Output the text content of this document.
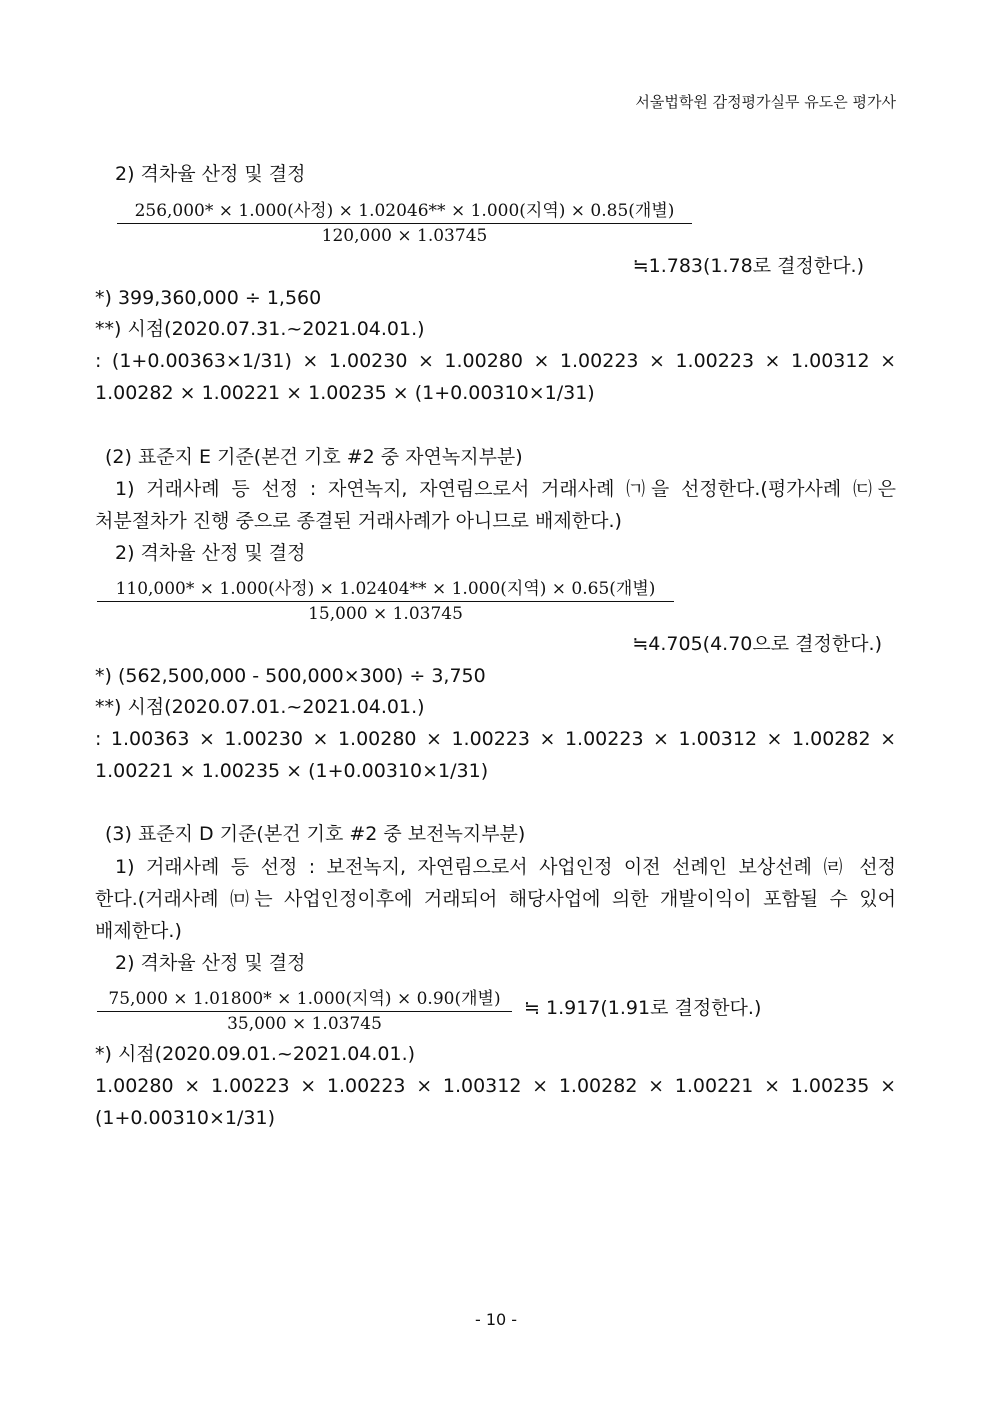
서울법학원 감정평가실무 유도은 평가사
2) 격차율 산정 및 결정
256,000* × 1.000(사정) × 1.02046** × 1.000(지역) × 0.85(개별)
120,000 × 1.03745
≒1.783(1.78로 결정한다.)
*) 399,360,000 ÷ 1,560
**) 시점(2020.07.31.~2021.04.01.)
: (1+0.00363×1/31) × 1.00230 × 1.00280 × 1.00223 × 1.00223 × 1.00312 ×
1.00282 × 1.00221 × 1.00235 × (1+0.00310×1/31)
(2) 표준지 E 기준(본건 기호 #2 중 자연녹지부분)
1) 거래사례 등 선정 : 자연녹지, 자연림으로서 거래사례 ㈀을 선정한다.(평가사례 ㈂은
처분절차가 진행 중으로 종결된 거래사례가 아니므로 배제한다.)
2) 격차율 산정 및 결정
110,000* × 1.000(사정) × 1.02404** × 1.000(지역) × 0.65(개별)
15,000 × 1.03745
≒4.705(4.70으로 결정한다.)
*) (562,500,000 - 500,000×300) ÷ 3,750
**) 시점(2020.07.01.~2021.04.01.)
: 1.00363 × 1.00230 × 1.00280 × 1.00223 × 1.00223 × 1.00312 × 1.00282 ×
1.00221 × 1.00235 × (1+0.00310×1/31)
(3) 표준지 D 기준(본건 기호 #2 중 보전녹지부분)
1) 거래사례 등 선정 : 보전녹지, 자연림으로서 사업인정 이전 선례인 보상선례 ㈃ 선정
한다.(거래사례 ㈄는 사업인정이후에 거래되어 해당사업에 의한 개발이익이 포함될 수 있어
배제한다.)
2) 격차율 산정 및 결정
75,000 × 1.01800* × 1.000(지역) × 0.90(개별)
35,000 × 1.03745
≒ 1.917(1.91로 결정한다.)
*) 시점(2020.09.01.~2021.04.01.)
1.00280 × 1.00223 × 1.00223 × 1.00312 × 1.00282 × 1.00221 × 1.00235 ×
(1+0.00310×1/31)
- 10 -
